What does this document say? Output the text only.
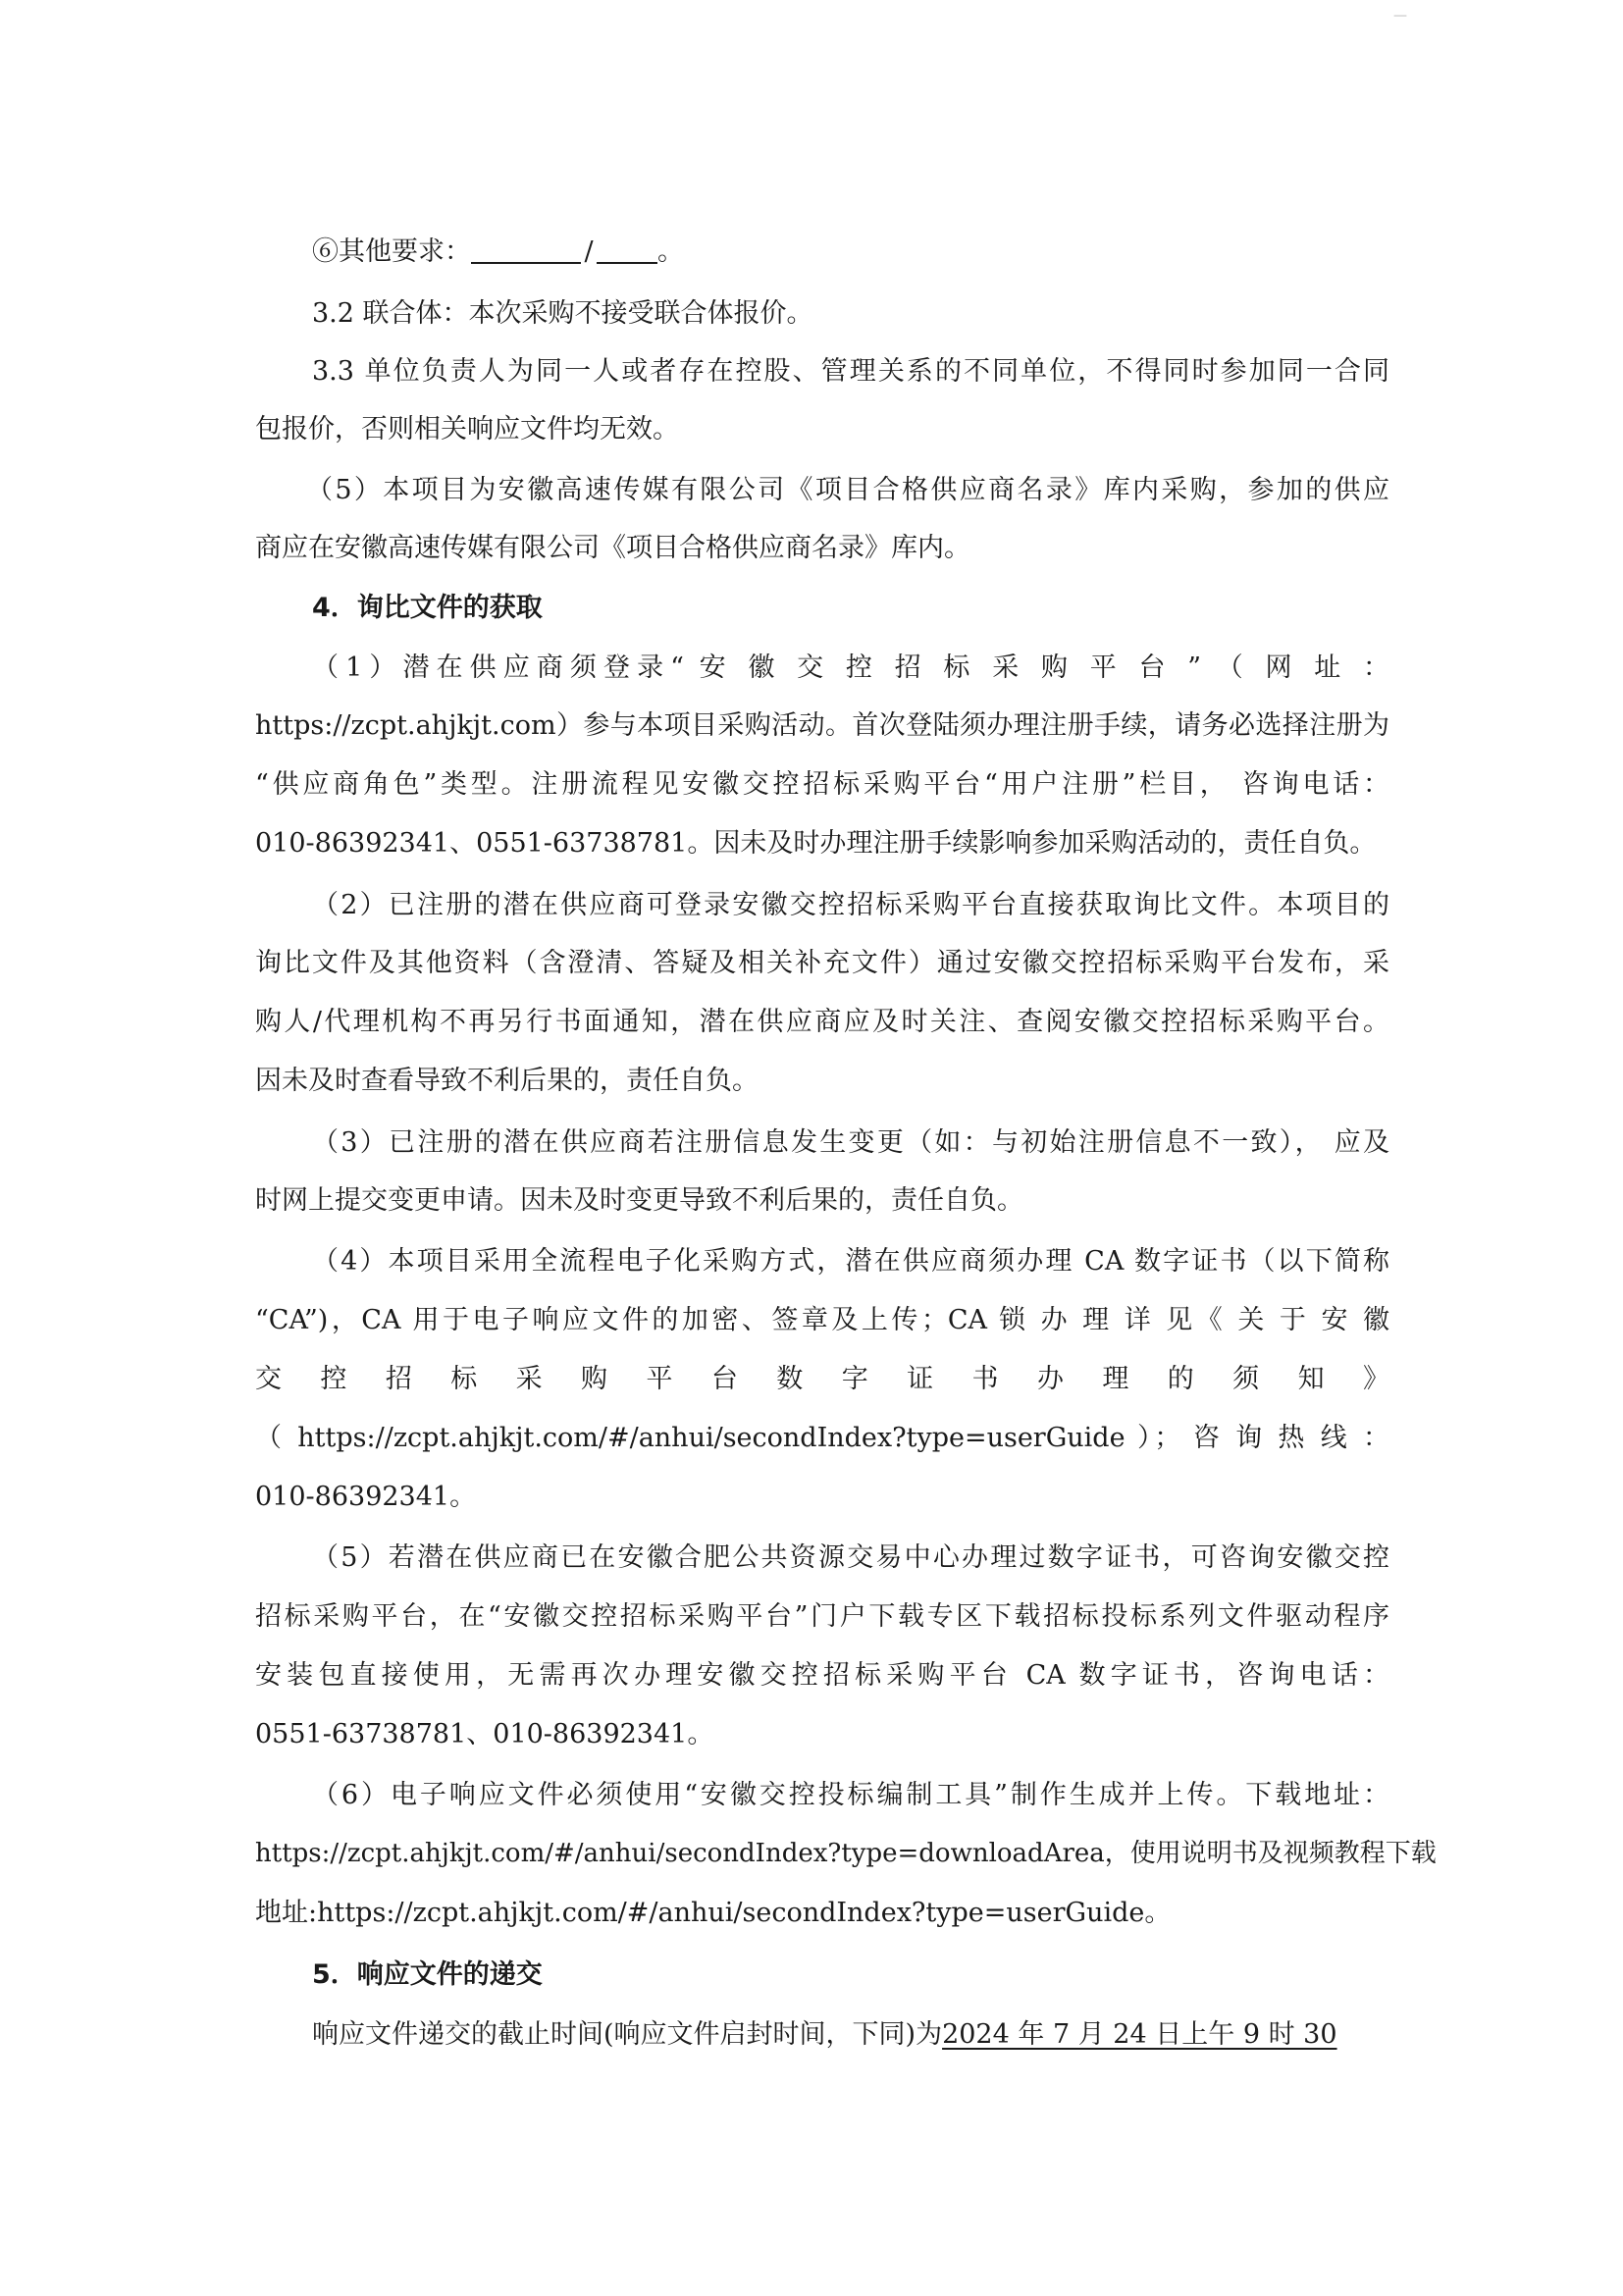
—
⑥其他要求：	/ 。
3.2 联合体：本次采购不接受联合体报价。
3.3 单位负责人为同一人或者存在控股、管理关系的不同单位，不得同时参加同一合同
包报价，否则相关响应文件均无效。
（5）本项目为安徽高速传媒有限公司《项目合格供应商名录》库内采购，参加的供应
商应在安徽高速传媒有限公司《项目合格供应商名录》库内。
4．询比文件的获取
（1）潜在供应商须登录“ 安 徽 交 控 招 标 采 购 平 台 ” （ 网 址 ：
https://zcpt.ahjkjt.com）参与本项目采购活动。首次登陆须办理注册手续，请务必选择注册为
“供应商角色”类型。注册流程见安徽交控招标采购平台“用户注册”栏目， 咨询电话：
010-86392341、0551-63738781。因未及时办理注册手续影响参加采购活动的，责任自负。
（2）已注册的潜在供应商可登录安徽交控招标采购平台直接获取询比文件。本项目的
询比文件及其他资料（含澄清、答疑及相关补充文件）通过安徽交控招标采购平台发布，采
购人/代理机构不再另行书面通知，潜在供应商应及时关注、查阅安徽交控招标采购平台。
因未及时查看导致不利后果的，责任自负。
（3）已注册的潜在供应商若注册信息发生变更（如：与初始注册信息不一致）， 应及
时网上提交变更申请。因未及时变更导致不利后果的，责任自负。
（4）本项目采用全流程电子化采购方式，潜在供应商须办理 CA 数字证书（以下简称
“CA”)，CA 用于电子响应文件的加密、签章及上传；CA 锁 办 理 详 见《 关 于 安 徽
交 控 招 标 采 购 平 台 数 字 证 书 办 理 的 须 知 》
（ https://zcpt.ahjkjt.com/#/anhui/secondIndex?type=userGuide ）； 咨 询 热 线 ：
010-86392341。
（5）若潜在供应商已在安徽合肥公共资源交易中心办理过数字证书，可咨询安徽交控
招标采购平台，在“安徽交控招标采购平台”门户下载专区下载招标投标系列文件驱动程序
安装包直接使用，无需再次办理安徽交控招标采购平台 CA 数字证书，咨询电话：
0551-63738781、010-86392341。
（6）电子响应文件必须使用“安徽交控投标编制工具”制作生成并上传。下载地址：
https://zcpt.ahjkjt.com/#/anhui/secondIndex?type=downloadArea，使用说明书及视频教程下载
地址:https://zcpt.ahjkjt.com/#/anhui/secondIndex?type=userGuide。
5．响应文件的递交
响应文件递交的截止时间(响应文件启封时间，下同)为2024 年 7 月 24 日上午 9 时 30
